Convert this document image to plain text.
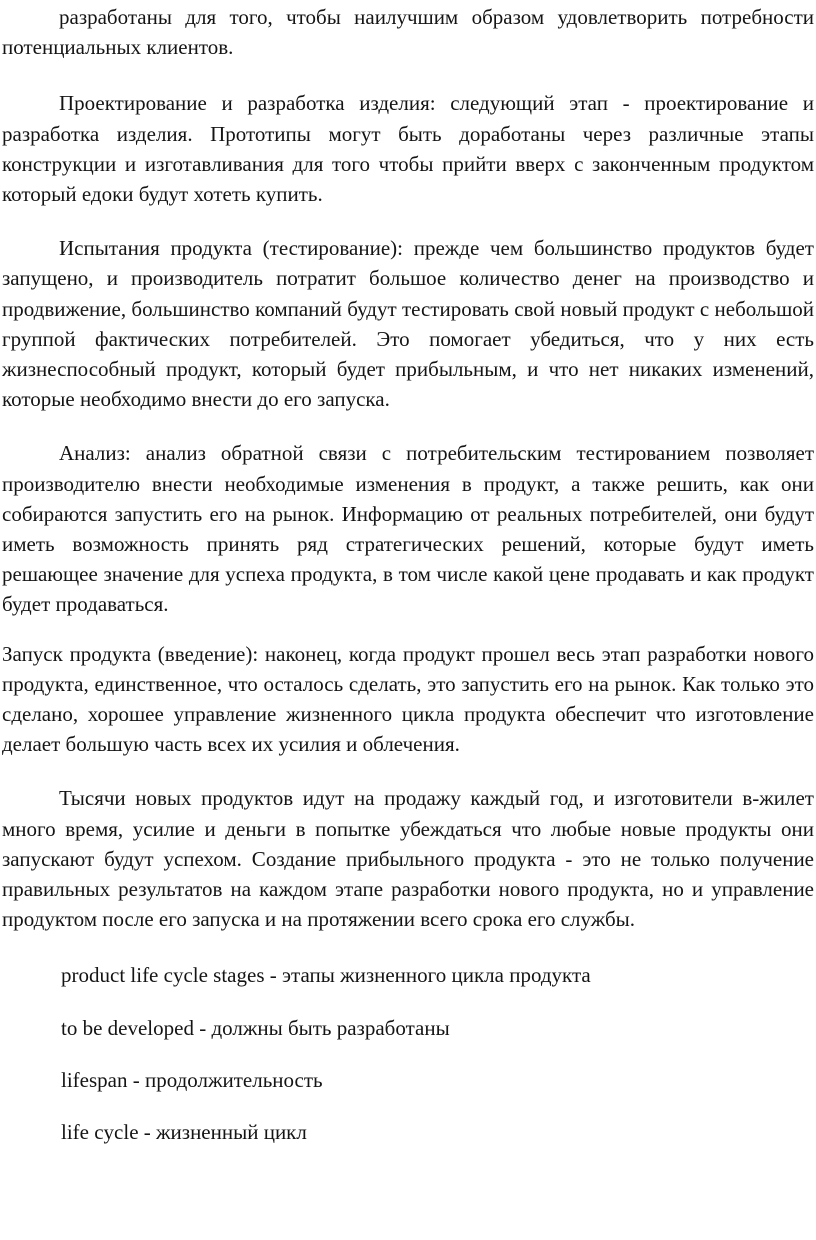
разработаны для того, чтобы наилучшим образом удовлетворить потребности потенциальных клиентов.

Проектирование и разработка изделия: следующий этап - проектирование и разработка изделия. Прототипы могут быть доработаны через различные этапы конструкции и изготавливания для того чтобы прийти вверх с законченным продуктом который едоки будут хотеть купить.

Испытания продукта (тестирование): прежде чем большинство продуктов будет запущено, и производитель потратит большое количество денег на производство и продвижение, большинство компаний будут тестировать свой новый продукт с небольшой группой фактических потребителей. Это помогает убедиться, что у них есть жизнеспособный продукт, который будет прибыльным, и что нет никаких изменений, которые необходимо внести до его запуска.

Анализ: анализ обратной связи с потребительским тестированием позволяет производителю внести необходимые изменения в продукт, а также решить, как они собираются запустить его на рынок. Информацию от реальных потребителей, они будут иметь возможность принять ряд стратегических решений, которые будут иметь решающее значение для успеха продукта, в том числе какой цене продавать и как продукт будет продаваться.

Запуск продукта (введение): наконец, когда продукт прошел весь этап разработки нового продукта, единственное, что осталось сделать, это запустить его на рынок. Как только это сделано, хорошее управление жизненного цикла продукта обеспечит что изготовление делает большую часть всех их усилия и облечения.

Тысячи новых продуктов идут на продажу каждый год, и изготовители в-жилет много время, усилие и деньги в попытке убеждаться что любые новые продукты они запускают будут успехом. Создание прибыльного продукта - это не только получение правильных результатов на каждом этапе разработки нового продукта, но и управление продуктом после его запуска и на протяжении всего срока его службы.

product life cycle stages - этапы жизненного цикла продукта

to be developed - должны быть разработаны

lifespan - продолжительность

life cycle - жизненный цикл
